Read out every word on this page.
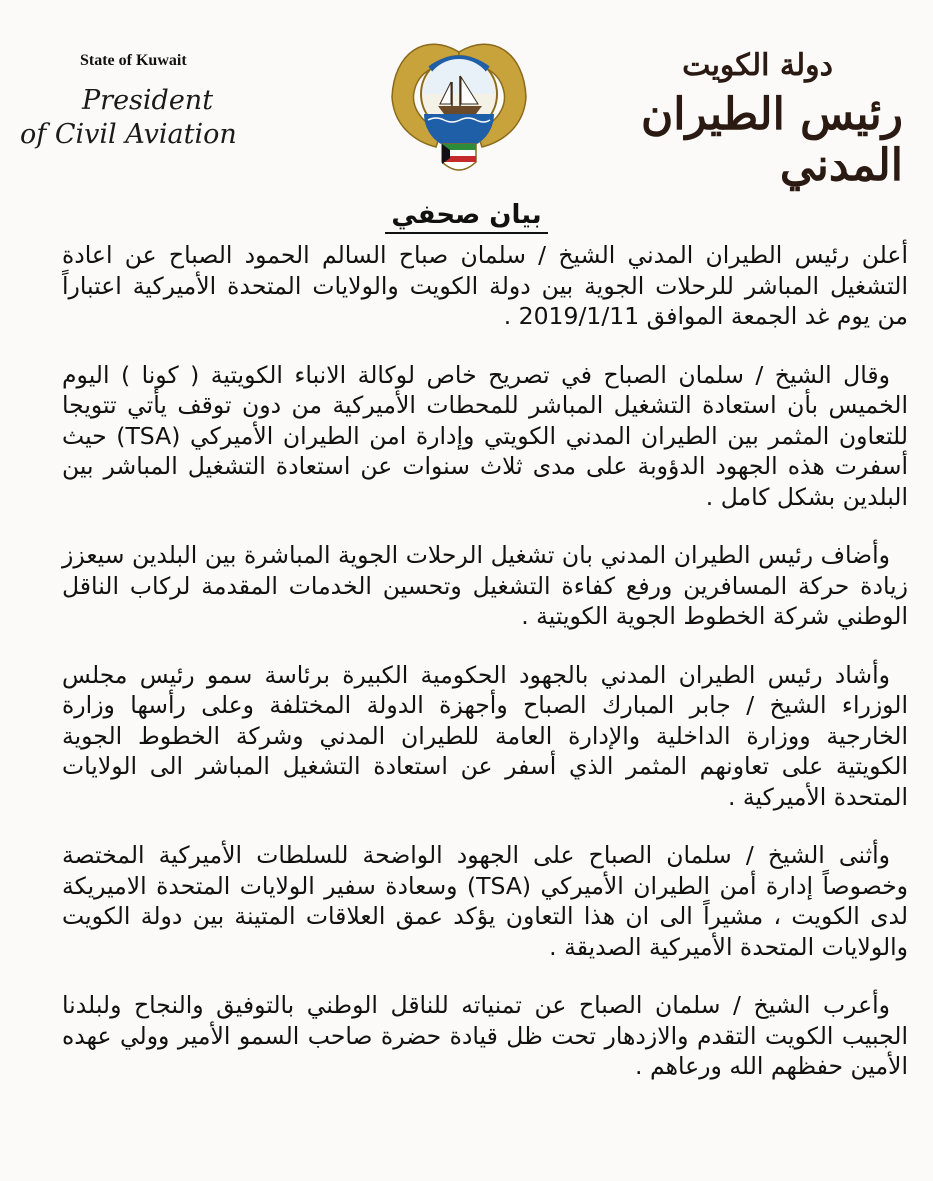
State of Kuwait
President
of Civil Aviation
دولة الكويت
رئيس الطيران المدني
بيان صحفي

أعلن رئيس الطيران المدني الشيخ / سلمان صباح السالم الحمود الصباح عن اعادة التشغيل المباشر للرحلات الجوية بين دولة الكويت والولايات المتحدة الأميركية اعتباراً من يوم غد الجمعة الموافق 2019/1/11 .

وقال الشيخ / سلمان الصباح في تصريح خاص لوكالة الانباء الكويتية ( كونا ) اليوم الخميس بأن استعادة التشغيل المباشر للمحطات الأميركية من دون توقف يأتي تتويجا للتعاون المثمر بين الطيران المدني الكويتي وإدارة امن الطيران الأميركي (TSA) حيث أسفرت هذه الجهود الدؤوبة على مدى ثلاث سنوات عن استعادة التشغيل المباشر بين البلدين بشكل كامل .

وأضاف رئيس الطيران المدني بان تشغيل الرحلات الجوية المباشرة بين البلدين سيعزز زيادة حركة المسافرين ورفع كفاءة التشغيل وتحسين الخدمات المقدمة لركاب الناقل الوطني شركة الخطوط الجوية الكويتية .

وأشاد رئيس الطيران المدني بالجهود الحكومية الكبيرة برئاسة سمو رئيس مجلس الوزراء الشيخ / جابر المبارك الصباح وأجهزة الدولة المختلفة وعلى رأسها وزارة الخارجية ووزارة الداخلية والإدارة العامة للطيران المدني وشركة الخطوط الجوية الكويتية على تعاونهم المثمر الذي أسفر عن استعادة التشغيل المباشر الى الولايات المتحدة الأميركية .

وأثنى الشيخ / سلمان الصباح على الجهود الواضحة للسلطات الأميركية المختصة وخصوصاً إدارة أمن الطيران الأميركي (TSA) وسعادة سفير الولايات المتحدة الاميريكة لدى الكويت ، مشيراً الى ان هذا التعاون يؤكد عمق العلاقات المتينة بين دولة الكويت والولايات المتحدة الأميركية الصديقة .

وأعرب الشيخ / سلمان الصباح عن تمنياته للناقل الوطني بالتوفيق والنجاح ولبلدنا الجبيب الكويت التقدم والازدهار تحت ظل قيادة حضرة صاحب السمو الأمير وولي عهده الأمين حفظهم الله ورعاهم .
